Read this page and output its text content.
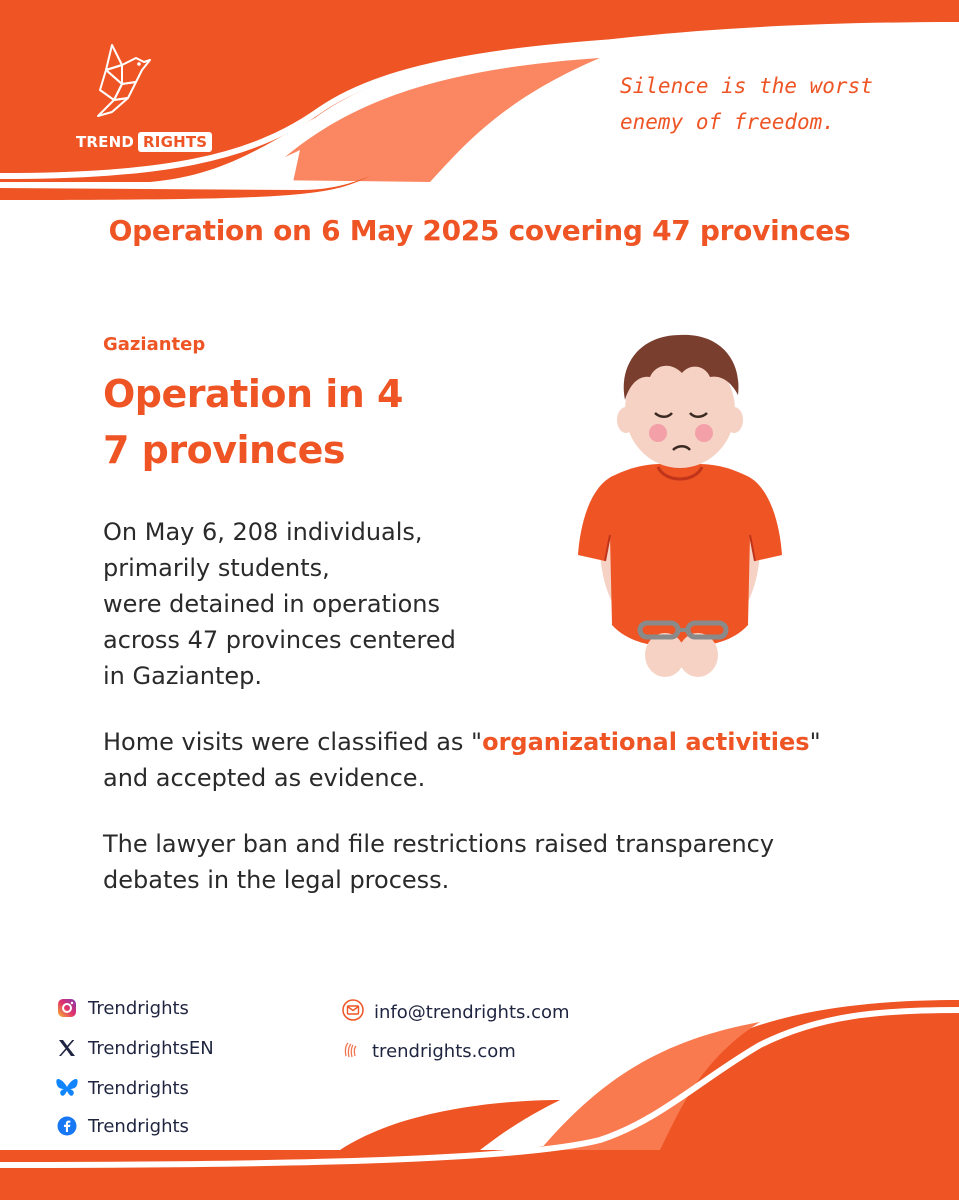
TREND RIGHTS
Silence is the worst
enemy of freedom.
Operation on 6 May 2025 covering 47 provinces
Gaziantep
Operation in 4
7 provinces
On May 6, 208 individuals,
primarily students,
were detained in operations
across 47 provinces centered
in Gaziantep.
Home visits were classified as "organizational activities"
and accepted as evidence.
The lawyer ban and file restrictions raised transparency
debates in the legal process.
Trendrights
TrendrightsEN
Trendrights
Trendrights
info@trendrights.com
trendrights.com
